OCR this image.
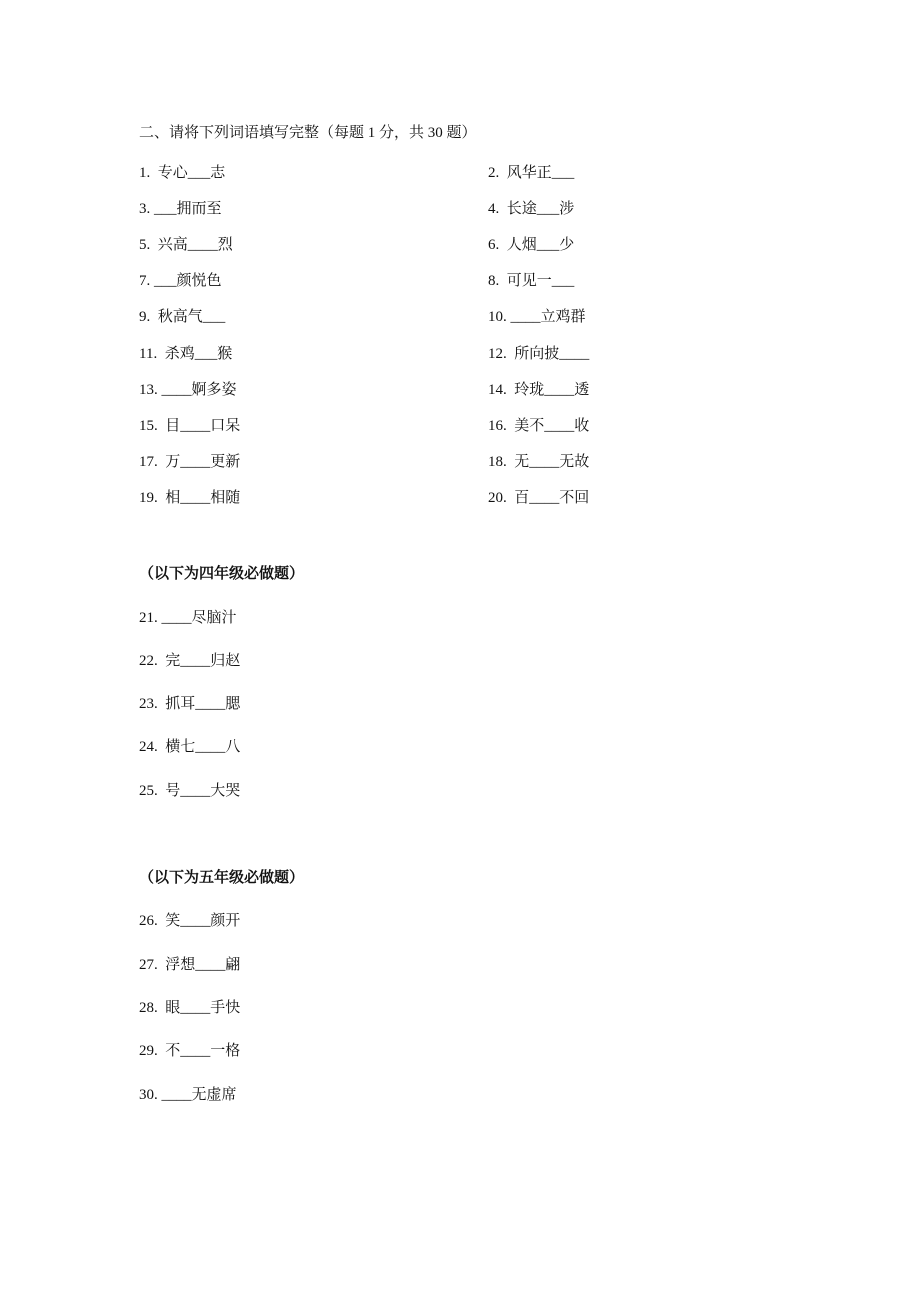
二、请将下列词语填写完整（每题 1 分，共 30 题）
1.  专心___志	2.  风华正___
3. ___拥而至	4.  长途___涉
5.  兴高____烈	6.  人烟___少
7. ___颜悦色	8.  可见一___
9.  秋高气___	10. ____立鸡群
11.  杀鸡___猴	12.  所向披____
13. ____婀多姿	14.  玲珑____透
15.  目____口呆	16.  美不____收
17.  万____更新	18.  无____无故
19.  相____相随	20.  百____不回
（以下为四年级必做题）
21. ____尽脑汁
22.  完____归赵
23.  抓耳____腮
24.  横七____八
25.  号____大哭
（以下为五年级必做题）
26.  笑____颜开
27.  浮想____翩
28.  眼____手快
29.  不____一格
30. ____无虚席
